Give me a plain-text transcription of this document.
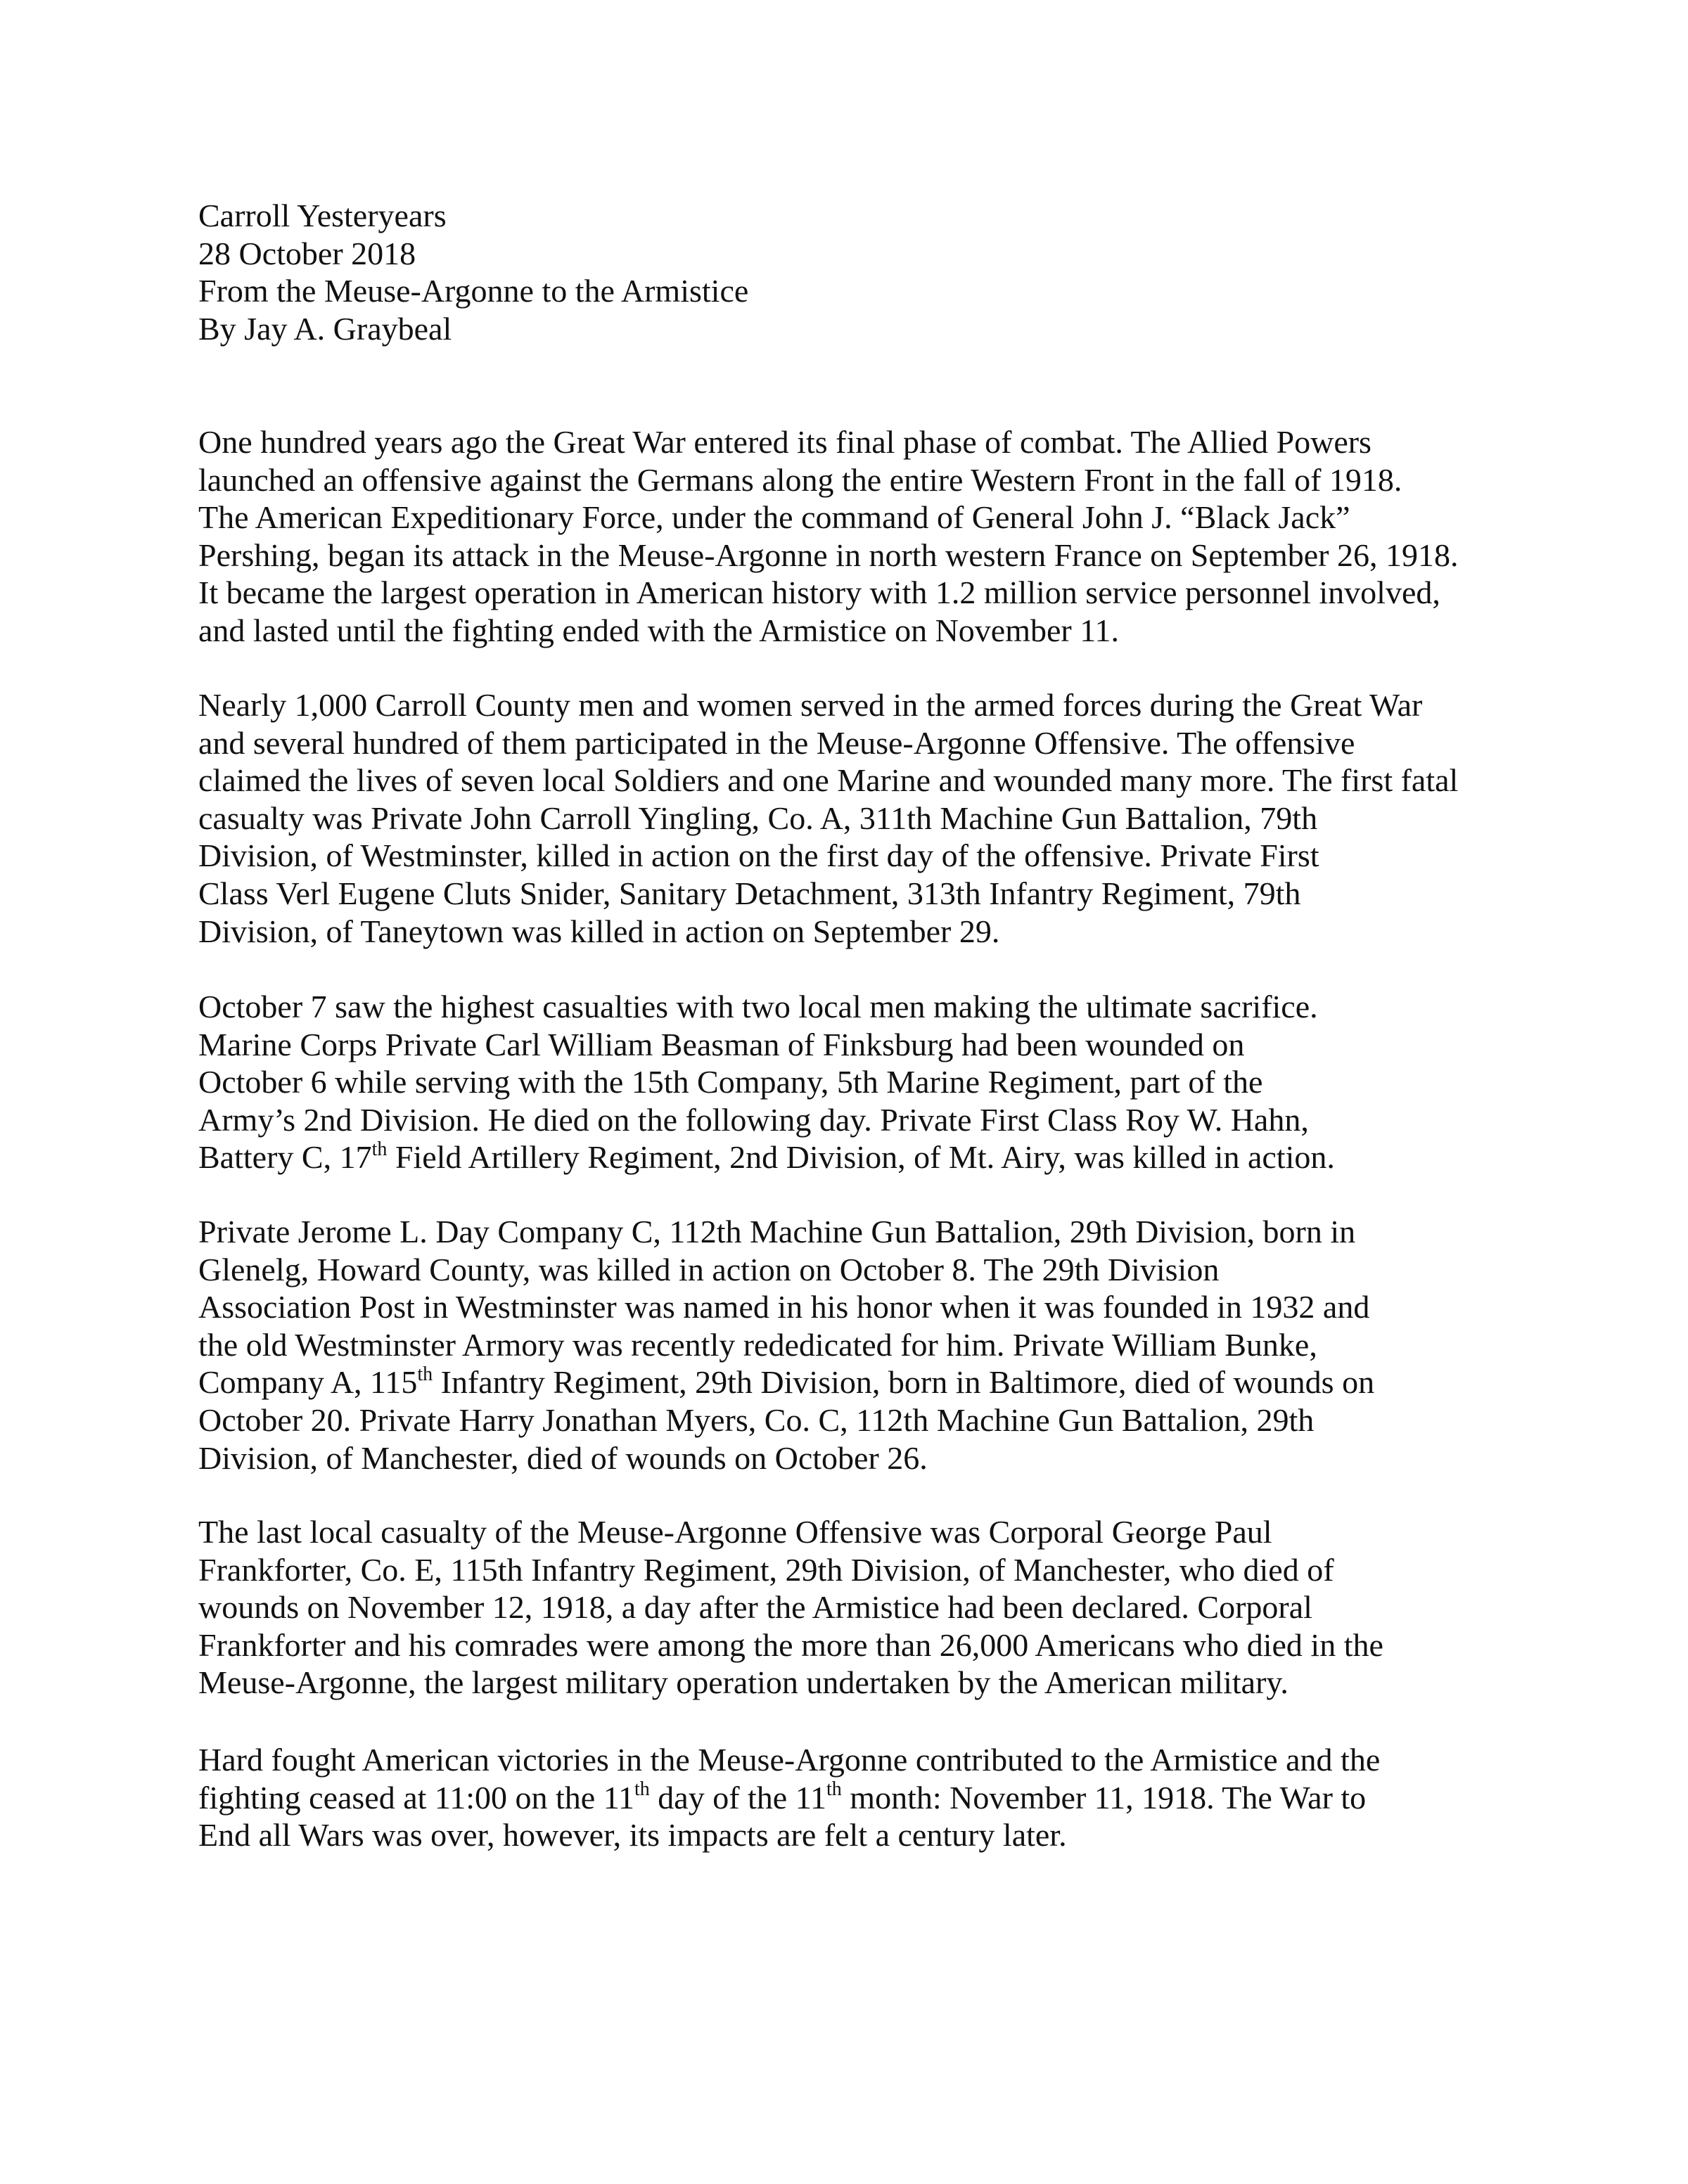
Carroll Yesteryears
28 October 2018
From the Meuse-Argonne to the Armistice
By Jay A. Graybeal
One hundred years ago the Great War entered its final phase of combat. The Allied Powers
launched an offensive against the Germans along the entire Western Front in the fall of 1918.
The American Expeditionary Force, under the command of General John J. “Black Jack”
Pershing, began its attack in the Meuse-Argonne in north western France on September 26, 1918.
It became the largest operation in American history with 1.2 million service personnel involved,
and lasted until the fighting ended with the Armistice on November 11.
Nearly 1,000 Carroll County men and women served in the armed forces during the Great War
and several hundred of them participated in the Meuse-Argonne Offensive. The offensive
claimed the lives of seven local Soldiers and one Marine and wounded many more. The first fatal
casualty was Private John Carroll Yingling, Co. A, 311th Machine Gun Battalion, 79th
Division, of Westminster, killed in action on the first day of the offensive. Private First
Class Verl Eugene Cluts Snider, Sanitary Detachment, 313th Infantry Regiment, 79th
Division, of Taneytown was killed in action on September 29.
October 7 saw the highest casualties with two local men making the ultimate sacrifice.
Marine Corps Private Carl William Beasman of Finksburg had been wounded on
October 6 while serving with the 15th Company, 5th Marine Regiment, part of the
Army’s 2nd Division. He died on the following day. Private First Class Roy W. Hahn,
Battery C, 17th Field Artillery Regiment, 2nd Division, of Mt. Airy, was killed in action.
Private Jerome L. Day Company C, 112th Machine Gun Battalion, 29th Division, born in
Glenelg, Howard County, was killed in action on October 8. The 29th Division
Association Post in Westminster was named in his honor when it was founded in 1932 and
the old Westminster Armory was recently rededicated for him. Private William Bunke,
Company A, 115th Infantry Regiment, 29th Division, born in Baltimore, died of wounds on
October 20. Private Harry Jonathan Myers, Co. C, 112th Machine Gun Battalion, 29th
Division, of Manchester, died of wounds on October 26.
The last local casualty of the Meuse-Argonne Offensive was Corporal George Paul
Frankforter, Co. E, 115th Infantry Regiment, 29th Division, of Manchester, who died of
wounds on November 12, 1918, a day after the Armistice had been declared. Corporal
Frankforter and his comrades were among the more than 26,000 Americans who died in the
Meuse-Argonne, the largest military operation undertaken by the American military.
Hard fought American victories in the Meuse-Argonne contributed to the Armistice and the
fighting ceased at 11:00 on the 11th day of the 11th month: November 11, 1918. The War to
End all Wars was over, however, its impacts are felt a century later.
